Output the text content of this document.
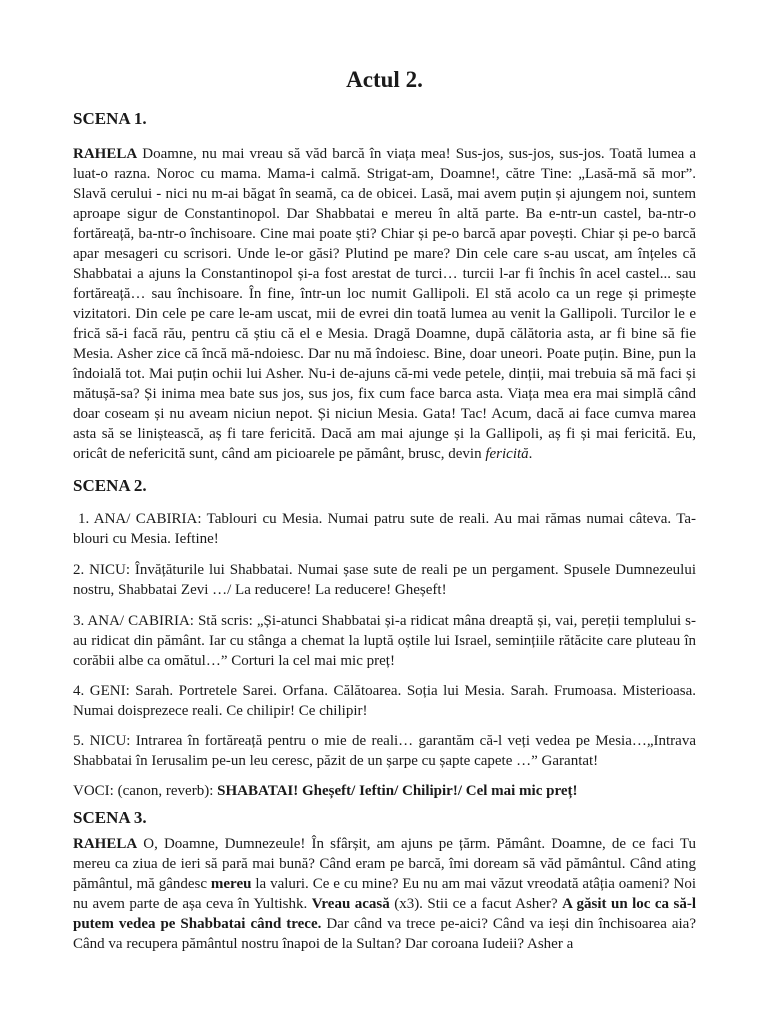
Actul 2.
SCENA 1.

RAHELA Doamne, nu mai vreau să văd barcă în viața mea! Sus-jos, sus-jos, sus-jos. Toată lumea a luat-o razna. Noroc cu mama. Mama-i calmă. Strigat-am, Doamne!, către Tine: „Lasă-mă să mor”. Slavă cerului - nici nu m-ai băgat în seamă, ca de obicei. Lasă, mai avem puțin și ajungem noi, suntem aproape sigur de Constantinopol. Dar Shabbatai e mereu în altă parte. Ba e-ntr-un castel, ba-ntr-o fortăreață, ba-ntr-o închisoare. Cine mai poate ști? Chiar și pe-o barcă apar povești. Chiar și pe-o barcă apar mesageri cu scrisori. Unde le-or găsi? Plutind pe mare? Din cele care s-au uscat, am înțeles că Shabbatai a ajuns la Constantinopol și-a fost arestat de turci… turcii l-ar fi închis în acel castel... sau fortăreață… sau închisoare. În fine, într-un loc numit Gallipoli. El stă acolo ca un rege și primește vizitatori. Din cele pe care le-am uscat, mii de evrei din toată lumea au venit la Gallipoli. Turcilor le e frică să-i facă rău, pentru că știu că el e Mesia. Dragă Doamne, după călătoria asta, ar fi bine să fie Mesia. Asher zice că încă mă-ndoiesc. Dar nu mă îndoiesc. Bine, doar uneori. Poate puțin. Bine, pun la îndoială tot. Mai puțin ochii lui Asher. Nu-i de-ajuns că-mi vede petele, dinții, mai trebuia să mă faci și mătușă-sa? Și inima mea bate sus jos, sus jos, fix cum face barca asta. Viața mea era mai simplă când doar coseam și nu aveam niciun nepot. Și niciun Mesia. Gata! Tac! Acum, dacă ai face cumva marea asta să se liniștească, aș fi tare fericită. Dacă am mai ajunge și la Gallipoli, aș fi și mai fericită. Eu, oricât de nefericită sunt, când am picioarele pe pământ, brusc, devin fericită.

SCENA 2.

1. ANA/ CABIRIA: Tablouri cu Mesia. Numai patru sute de reali. Au mai rămas numai câteva. Tablouri cu Mesia. Ieftine!

2. NICU: Învățăturile lui Shabbatai. Numai șase sute de reali pe un pergament. Spusele Dumnezeului nostru, Shabbatai Zevi …/ La reducere! La reducere! Gheșeft!

3. ANA/ CABIRIA: Stă scris: „Și-atunci Shabbatai și-a ridicat mâna dreaptă și, vai, pereții templului s-au ridicat din pământ. Iar cu stânga a chemat la luptă oștile lui Israel, semințiile rătăcite care pluteau în corăbii albe ca omătul…” Corturi la cel mai mic preț!

4. GENI: Sarah. Portretele Sarei. Orfana. Călătoarea. Soția lui Mesia. Sarah. Frumoasa. Misterioasa. Numai doisprezece reali. Ce chilipir! Ce chilipir!

5. NICU: Intrarea în fortăreață pentru o mie de reali… garantăm că-l veți vedea pe Mesia…„Intrava Shabbatai în Ierusalim pe-un leu ceresc, păzit de un șarpe cu șapte capete …” Garantat!

VOCI: (canon, reverb): SHABATAI! Gheșeft/ Ieftin/ Chilipir!/ Cel mai mic preț!

SCENA 3.

RAHELA O, Doamne, Dumnezeule! În sfârșit, am ajuns pe țărm. Pământ. Doamne, de ce faci Tu mereu ca ziua de ieri să pară mai bună? Când eram pe barcă, îmi doream să văd pământul. Când ating pământul, mă gândesc mereu la valuri. Ce e cu mine? Eu nu am mai văzut vreodată atâția oameni? Noi nu avem parte de așa ceva în Yultishk. Vreau acasă (x3). Stii ce a facut Asher? A găsit un loc ca să-l putem vedea pe Shabbatai când trece. Dar când va trece pe-aici? Când va ieși din închisoarea aia? Când va recupera pământul nostru înapoi de la Sultan? Dar coroana Iudeii? Asher a
